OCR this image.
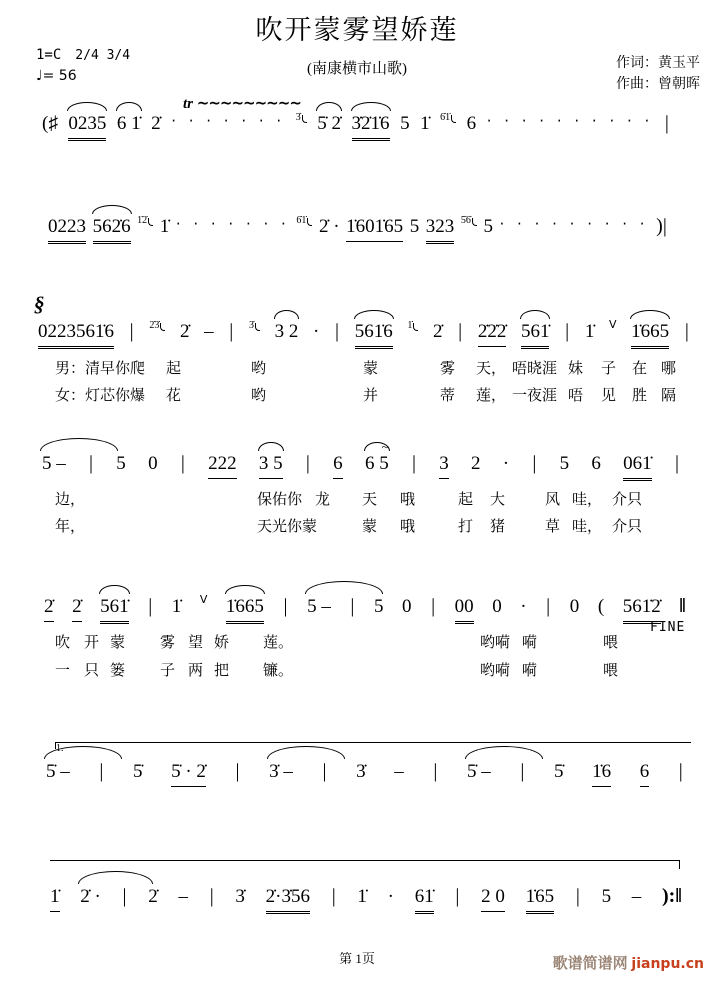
吹开蒙雾望娇莲
1=C 2/4 3/4
♩= 56	(南康横市山歌)	作词：黄玉平
作曲：曾朝晖
tr ~~~~~~~~~
(♯ 0235 6 1̇ 2̇ · · · · · · · 3̇ 5̇ 2̇ 3̇2̇1̇6 5 1̇ 6̇1̇ 6 · · · · · · · · · · |
0223 562̇6 1̇2̇ 1̇ · · · · · · · 6̇1̇ 2̇ · 1̇601̇65 5 323 5̇6̇ 5 · · · · · · · · · )|
§
0223561̇6 | 2̇3̇	2̇ – | 3̇	3 2 · | 561̇6 1̇	2̇ | 2̇2̇2̇ 561̇ | 1̇ V 1̇665 |
男：清早你爬 起	哟	蒙	雾 天， 唔晓涯 妹 子 在 哪
女：灯芯你爆 花	哟	并	蒂 莲， 一夜涯 唔 见 胜 隔
5 – | 5 0 | 222 3 5 | 6 6 5 ~ | 3 2 · | 5 6 061̇ |
边，	保佑你 龙 天 哦	起 大	风 哇， 介只
年，	天光你蒙	蒙 哦	打 猪	草 哇， 介只
2̇ 2̇ 561̇ | 1̇ V 1̇665 | 5 – | 5 0 | 00 0 · | 0 ( 561̇2̇ ‖
FINE
吹 开 蒙 雾 望 娇 莲。	哟嗬 嗬	喂
一 只 篓 子 两 把 镰。	哟嗬 嗬	喂
1.
5̇ – | 5̇ 5̇ · 2̇ | 3̇ – | 3̇ – | 5̇ – | 5̇ 1̇6 6 |
1̇ 2̇ · | 2̇ – | 3̇ 2̇·3̇56 | 1̇ · 61̇ | 2 0 1̇65 | 5 – ):‖
第 1页	歌谱简谱网 jianpu.cn
